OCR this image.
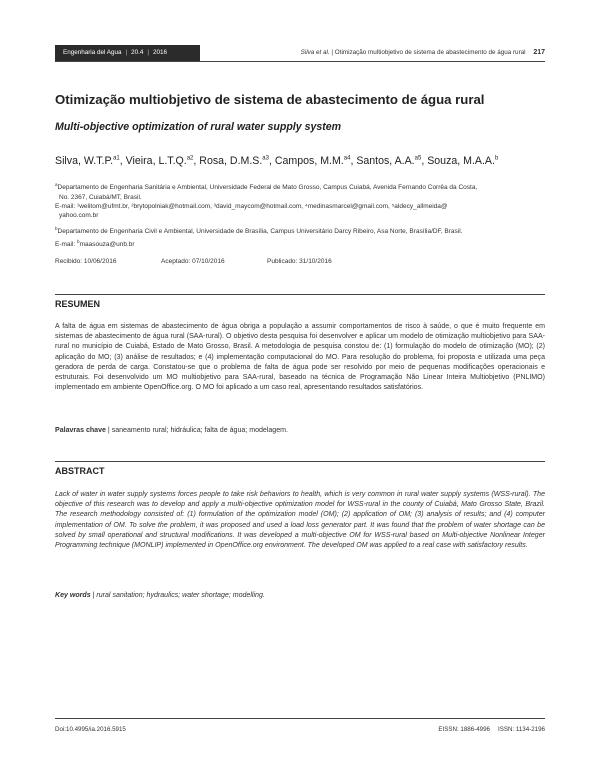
Engenharia del Agua | 20.4 | 2016	Silva et al. | Otimização multiobjetivo de sistema de abastecimento de água rural 217
Otimização multiobjetivo de sistema de abastecimento de água rural
Multi-objective optimization of rural water supply system
Silva, W.T.P.$^{a1}$, Vieira, L.T.Q.$^{a2}$, Rosa, D.M.S.$^{a3}$, Campos, M.M.$^{a4}$, Santos, A.A.$^{a5}$, Souza, M.A.A.$^b$
$^a$Departamento de Engenharia Sanitária e Ambiental, Universidade Federal de Mato Grosso, Campus Cuiabá, Avenida Fernando Corrêa da Costa,
No. 2367, Cuiabá/MT, Brasil.
E-mail: ¹welitom@ufmt.br, ²brytopolniak@hotmail.com, ³david_maycom@hotmail.com, ⁴medinasmarcel@gmail.com, ⁵aldecy_allmeida@
yahoo.com.br
$^b$Departamento de Engenharia Civil e Ambiental, Universidade de Brasília, Campus Universitário Darcy Ribeiro, Asa Norte, Brasília/DF, Brasil.
E-mail: $^b$maasouza@unb.br
Recibido: 10/06/2016	Aceptado: 07/10/2016	Publicado: 31/10/2016
RESUMEN
A falta de água em sistemas de abastecimento de água obriga a população a assumir comportamentos de risco à saúde, o que é muito frequente em sistemas de abastecimento de água rural (SAA-rural). O objetivo desta pesquisa foi desenvolver e aplicar um modelo de otimização multiobjetivo para SAA-rural no município de Cuiabá, Estado de Mato Grosso, Brasil. A metodologia de pesquisa constou de: (1) formulação do modelo de otimização (MO); (2) aplicação do MO; (3) análise de resultados; e (4) implementação computacional do MO. Para resolução do problema, foi proposta e utilizada uma peça geradora de perda de carga. Constatou-se que o problema de falta de água pode ser resolvido por meio de pequenas modificações operacionais e estruturais. Foi desenvolvido um MO multiobjetivo para SAA-rural, baseado na técnica de Programação Não Linear Inteira Multiobjetivo (PNLIMO) implementado em ambiente OpenOffice.org. O MO foi aplicado a um caso real, apresentando resultados satisfatórios.
Palavras chave | saneamento rural; hidráulica; falta de água; modelagem.
ABSTRACT
Lack of water in water supply systems forces people to take risk behaviors to health, which is very common in rural water supply systems (WSS-rural). The objective of this research was to develop and apply a multi-objective optimization model for WSS-rural in the county of Cuiabá, Mato Grosso State, Brazil. The research methodology consisted of: (1) formulation of the optimization model (OM); (2) application of OM; (3) analysis of results; and (4) computer implementation of OM. To solve the problem, it was proposed and used a load loss generator part. It was found that the problem of water shortage can be solved by small operational and structural modifications. It was developed a multi-objective OM for WSS-rural based on Multi-objective Nonlinear Integer Programming technique (MONLIP) implemented in OpenOffice.org environment. The developed OM was applied to a real case with satisfactory results.
Key words | rural sanitation; hydraulics; water shortage; modelling.
Doi:10.4995/ia.2016.5915	EISSN: 1886-4996 ISSN: 1134-2196
